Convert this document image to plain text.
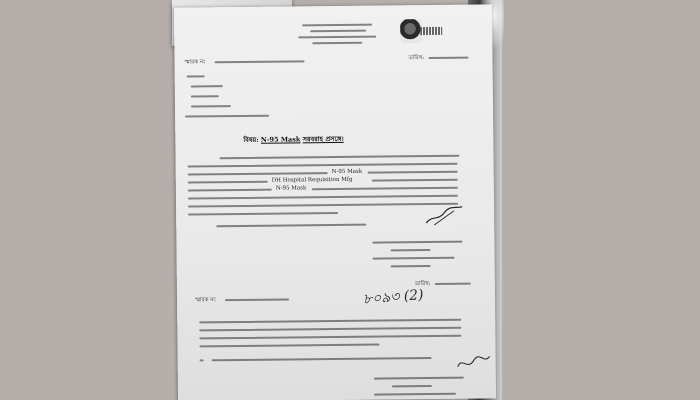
স্মারক নং
তারিখ:
বিষয়: N-95 Mask সরবরাহ প্রসঙ্গে।
N-95 Mask
DH Hospital Requisition Mfg
N-95 Mask
স্মারক নং	৮০৯৩ (2)
তারিখ:
